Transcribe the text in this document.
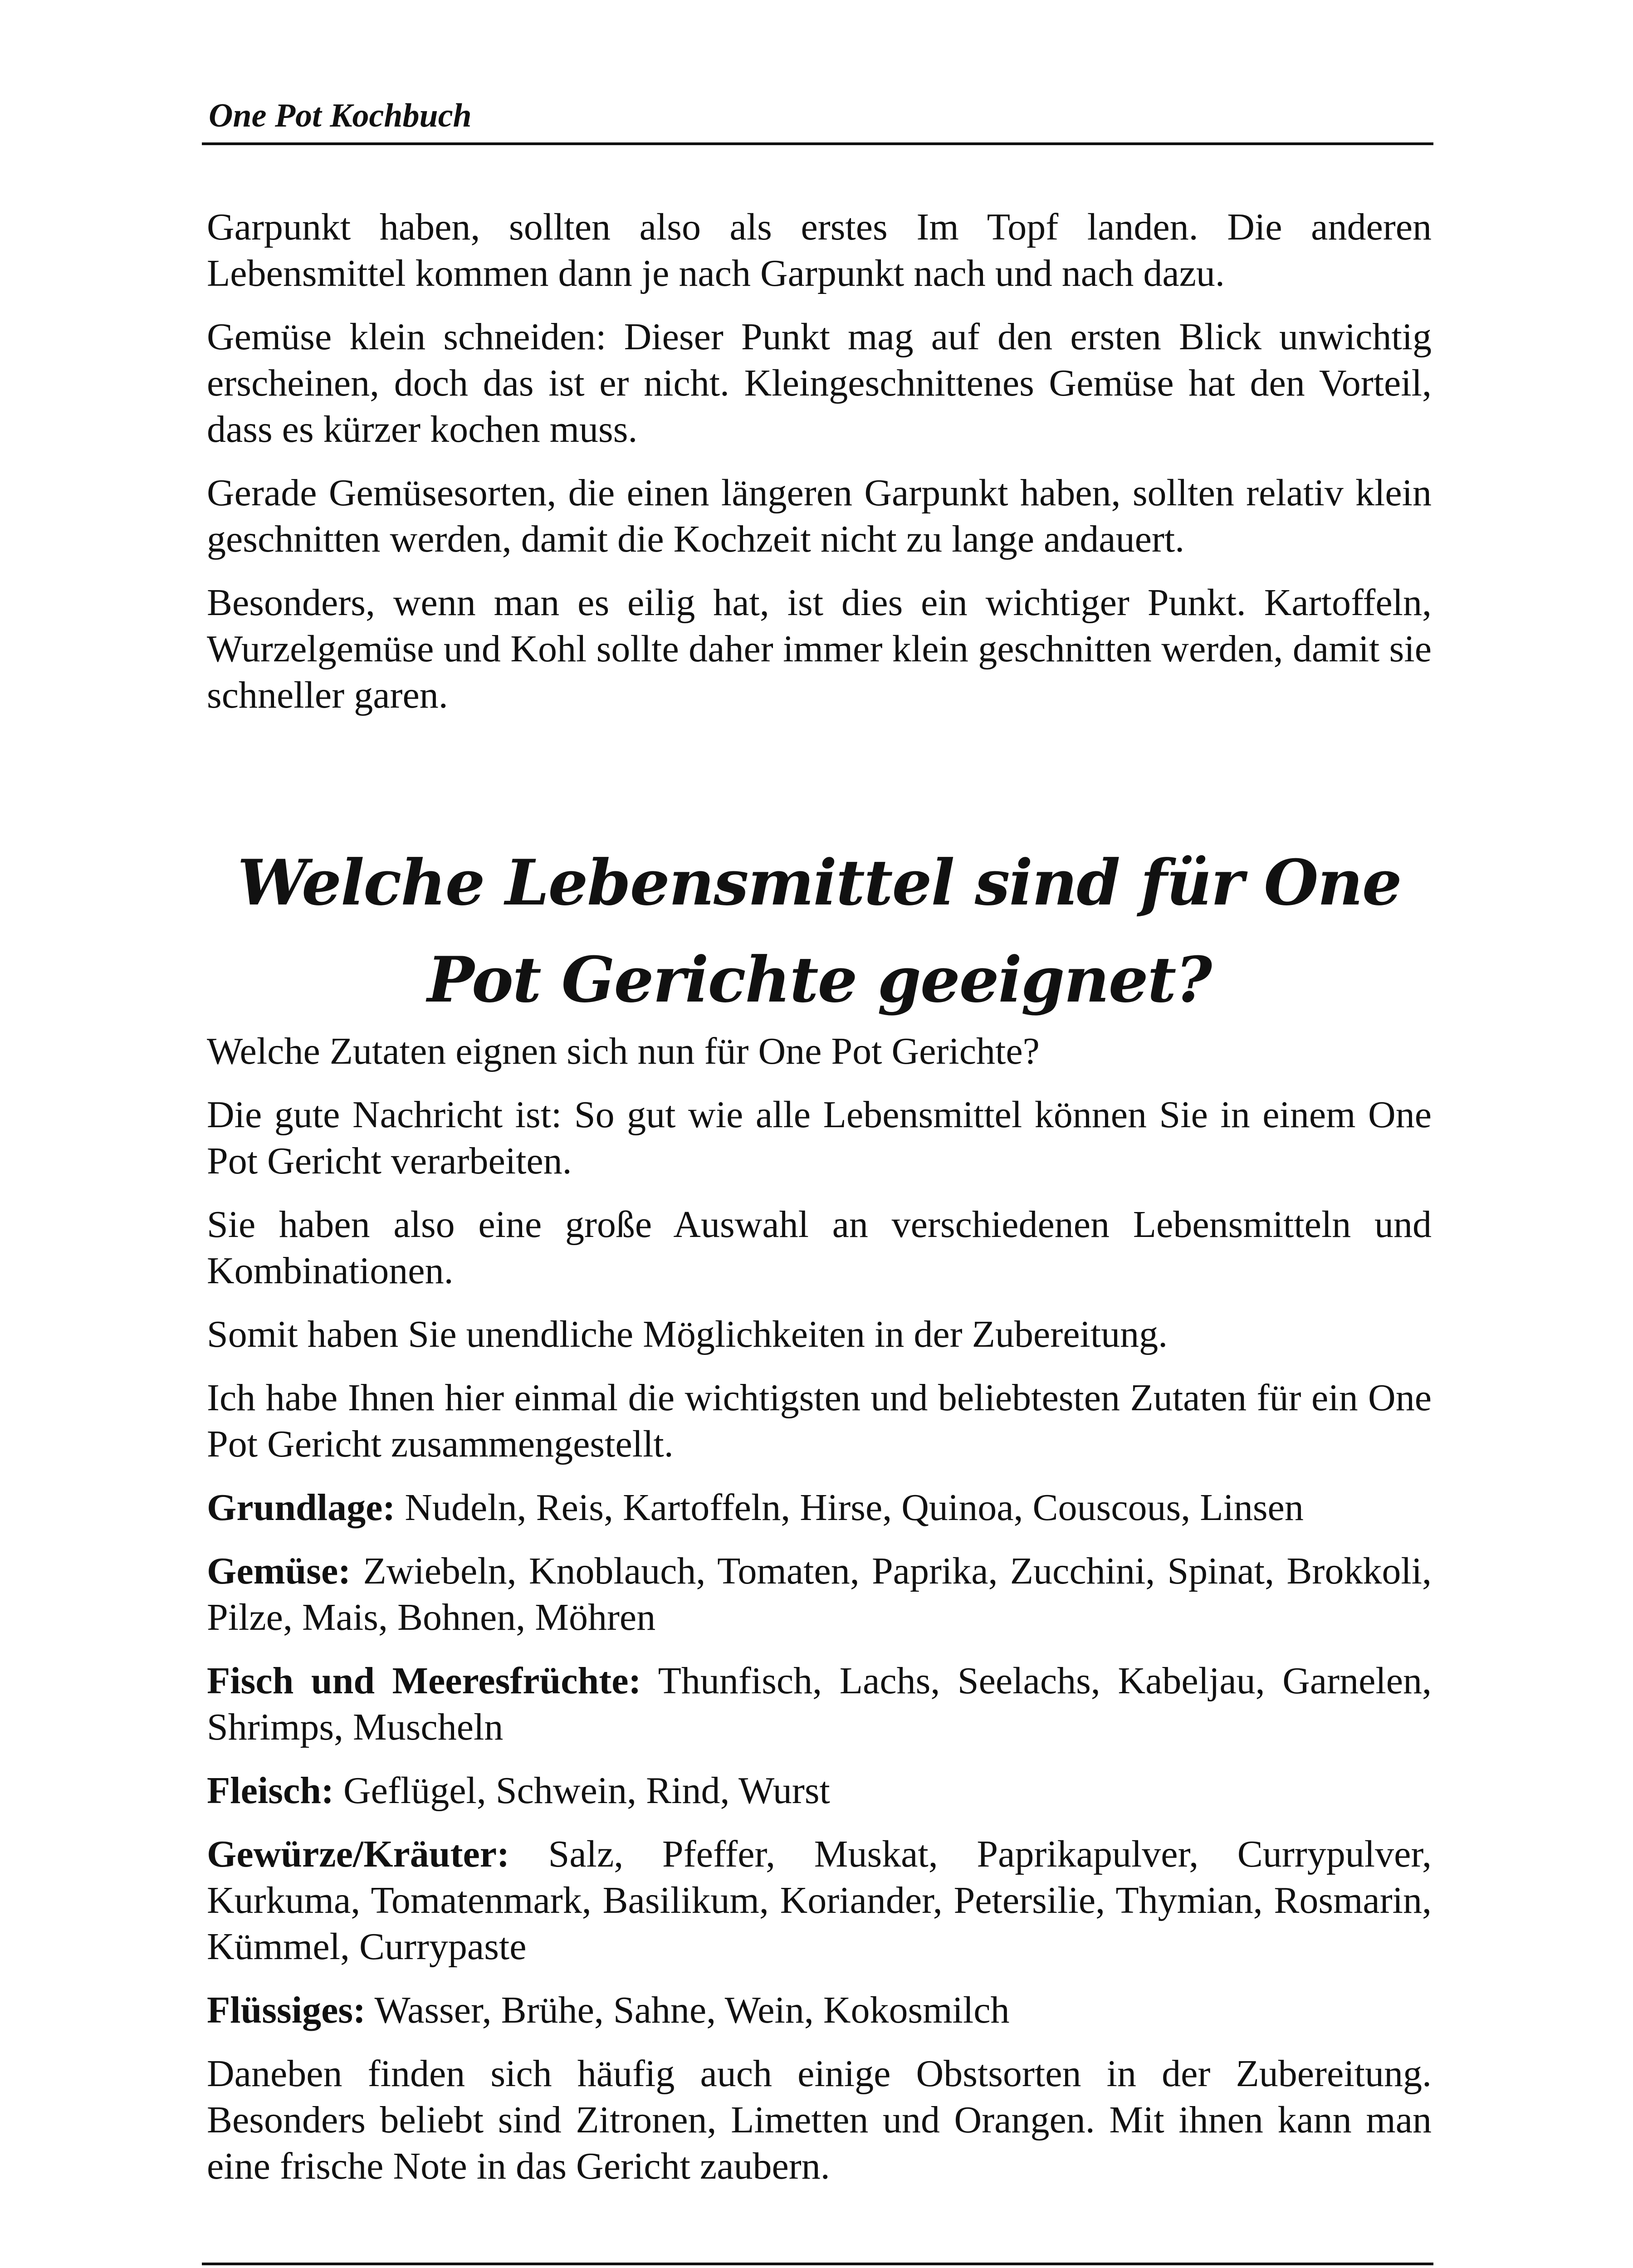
One Pot Kochbuch

Garpunkt haben, sollten also als erstes Im Topf landen. Die anderen Lebensmittel kommen dann je nach Garpunkt nach und nach dazu.

Gemüse klein schneiden: Dieser Punkt mag auf den ersten Blick unwichtig erscheinen, doch das ist er nicht. Kleingeschnittenes Gemüse hat den Vorteil, dass es kürzer kochen muss.

Gerade Gemüsesorten, die einen längeren Garpunkt haben, sollten relativ klein geschnitten werden, damit die Kochzeit nicht zu lange andauert.

Besonders, wenn man es eilig hat, ist dies ein wichtiger Punkt. Kartoffeln, Wurzelgemüse und Kohl sollte daher immer klein geschnitten werden, damit sie schneller garen.

Welche Lebensmittel sind für One Pot Gerichte geeignet?

Welche Zutaten eignen sich nun für One Pot Gerichte?

Die gute Nachricht ist: So gut wie alle Lebensmittel können Sie in einem One Pot Gericht verarbeiten.

Sie haben also eine große Auswahl an verschiedenen Lebensmitteln und Kombinationen.

Somit haben Sie unendliche Möglichkeiten in der Zubereitung.

Ich habe Ihnen hier einmal die wichtigsten und beliebtesten Zutaten für ein One Pot Gericht zusammengestellt.

Grundlage: Nudeln, Reis, Kartoffeln, Hirse, Quinoa, Couscous, Linsen

Gemüse: Zwiebeln, Knoblauch, Tomaten, Paprika, Zucchini, Spinat, Brokkoli, Pilze, Mais, Bohnen, Möhren

Fisch und Meeresfrüchte: Thunfisch, Lachs, Seelachs, Kabeljau, Garnelen, Shrimps, Muscheln

Fleisch: Geflügel, Schwein, Rind, Wurst

Gewürze/Kräuter: Salz, Pfeffer, Muskat, Paprikapulver, Currypulver, Kurkuma, Tomatenmark, Basilikum, Koriander, Petersilie, Thymian, Rosmarin, Kümmel, Currypaste

Flüssiges: Wasser, Brühe, Sahne, Wein, Kokosmilch

Daneben finden sich häufig auch einige Obstsorten in der Zubereitung. Besonders beliebt sind Zitronen, Limetten und Orangen. Mit ihnen kann man eine frische Note in das Gericht zaubern.
